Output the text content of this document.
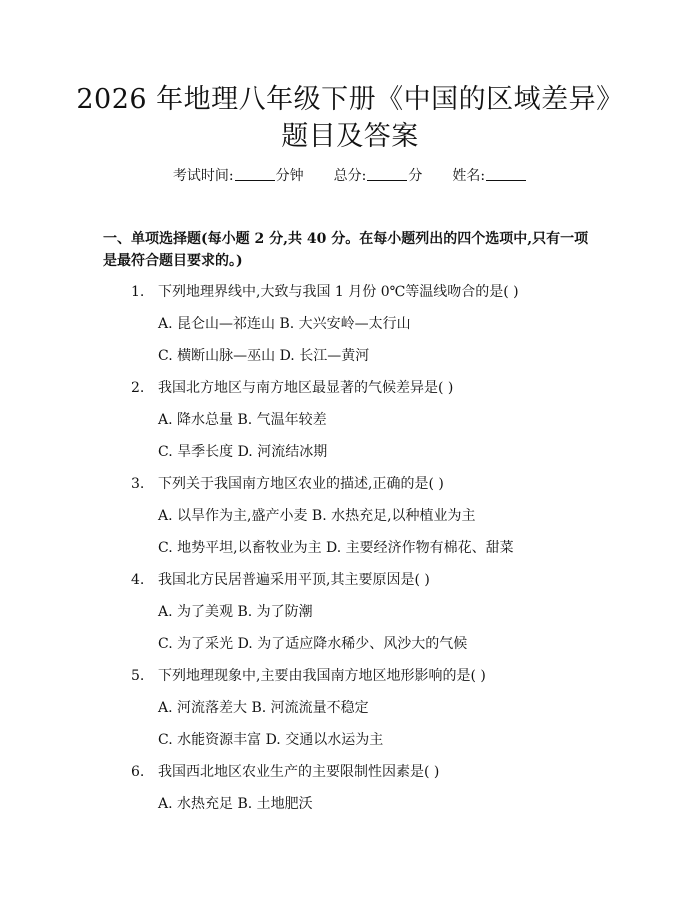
2026 年地理八年级下册《中国的区域差异》
题目及答案
考试时间:	分钟 总分:	分 姓名:
一、单项选择题(每小题 2 分,共 40 分。在每小题列出的四个选项中,只有一项
是最符合题目要求的。)
1. 下列地理界线中,大致与我国 1 月份 0℃等温线吻合的是( )
A. 昆仑山—祁连山 B. 大兴安岭—太行山
C. 横断山脉—巫山 D. 长江—黄河
2. 我国北方地区与南方地区最显著的气候差异是( )
A. 降水总量 B. 气温年较差
C. 旱季长度 D. 河流结冰期
3. 下列关于我国南方地区农业的描述,正确的是( )
A. 以旱作为主,盛产小麦 B. 水热充足,以种植业为主
C. 地势平坦,以畜牧业为主 D. 主要经济作物有棉花、甜菜
4. 我国北方民居普遍采用平顶,其主要原因是( )
A. 为了美观 B. 为了防潮
C. 为了采光 D. 为了适应降水稀少、风沙大的气候
5. 下列地理现象中,主要由我国南方地区地形影响的是( )
A. 河流落差大 B. 河流流量不稳定
C. 水能资源丰富 D. 交通以水运为主
6. 我国西北地区农业生产的主要限制性因素是( )
A. 水热充足 B. 土地肥沃
